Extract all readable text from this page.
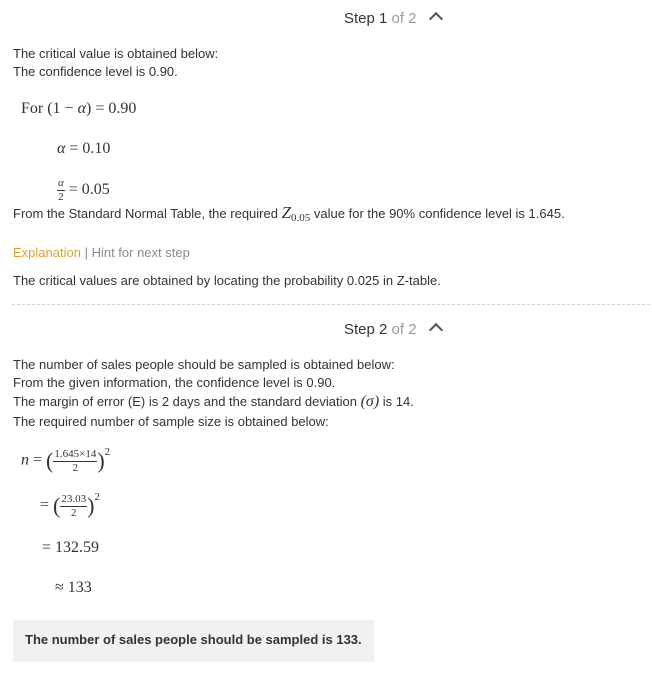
Step 1 of 2
The critical value is obtained below:
The confidence level is 0.90.
For (1 − α) = 0.90
α = 0.10
$\frac{\alpha}{2} = 0.05$
From the Standard Normal Table, the required $Z_{0.05}$ value for the 90% confidence level is 1.645.
Explanation | Hint for next step
The critical values are obtained by locating the probability 0.025 in Z-table.
Step 2 of 2
The number of sales people should be sampled is obtained below:
From the given information, the confidence level is 0.90.
The margin of error (E) is 2 days and the standard deviation (σ) is 14.
The required number of sample size is obtained below:
n = ( $\frac{1.645\times 14}{2} )^2$
= ( $\frac{23.03}{2} )^2$
= 132.59
≈ 133
The number of sales people should be sampled is 133.
